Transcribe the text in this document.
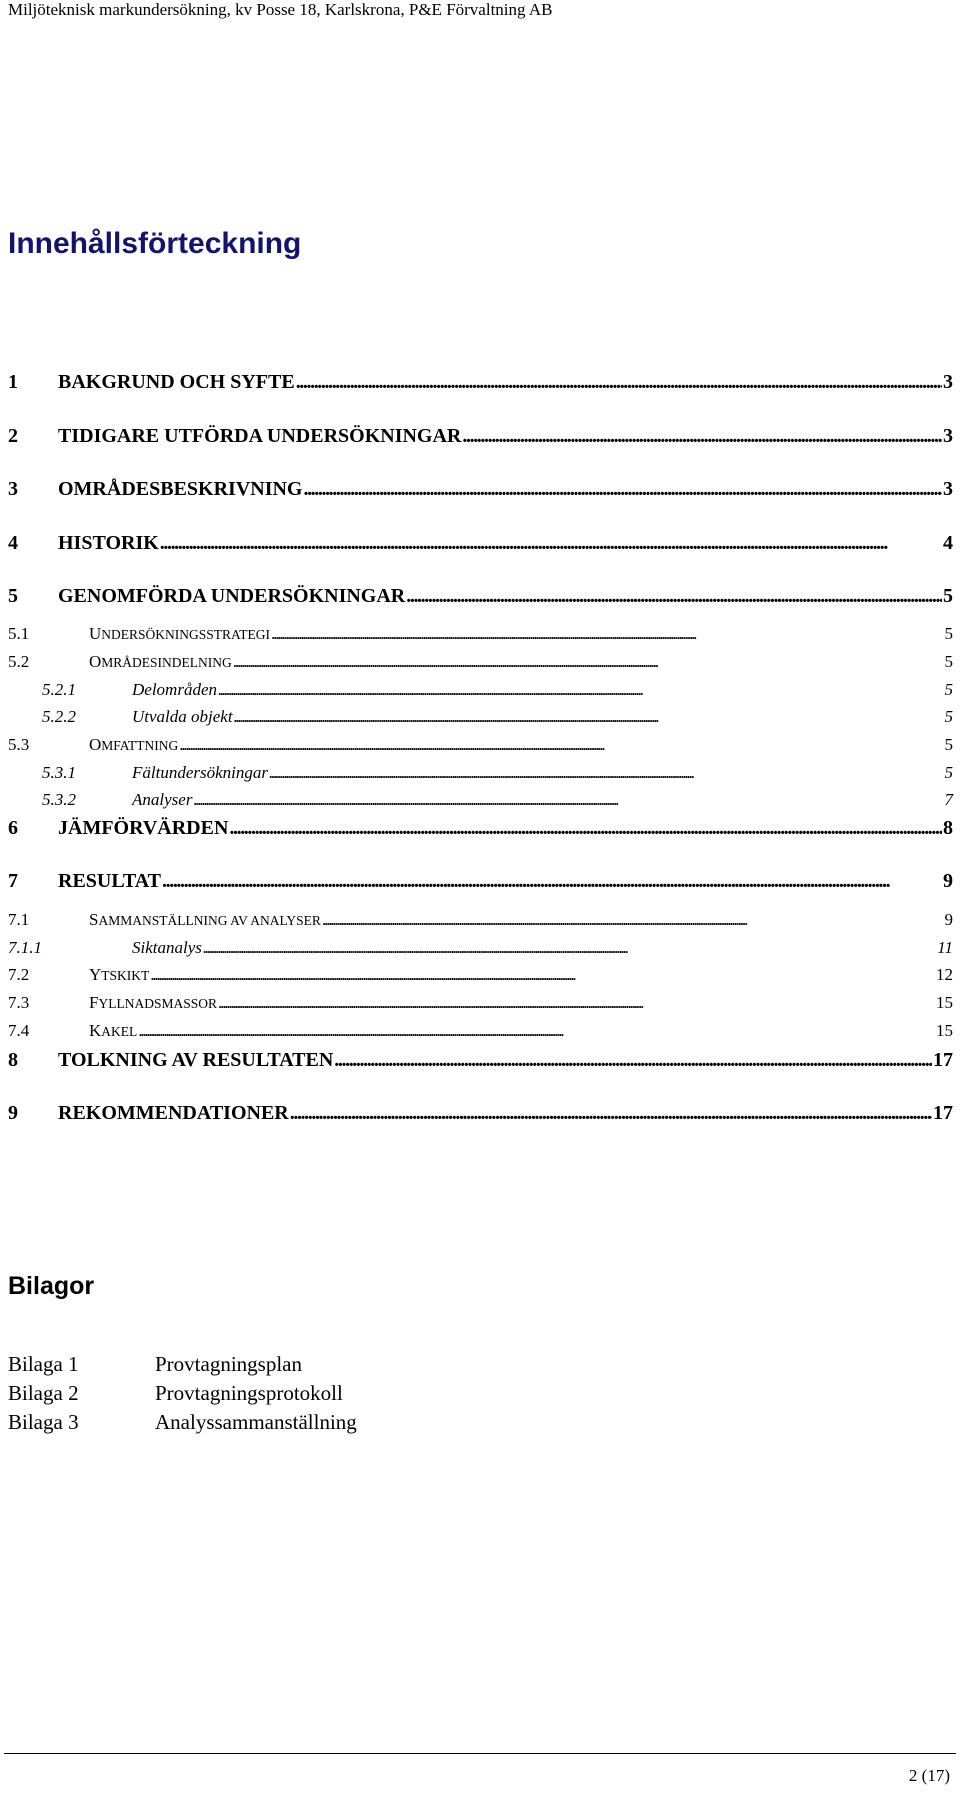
Miljöteknisk markundersökning, kv Posse 18, Karlskrona, P&E Förvaltning AB
Innehållsförteckning
1	BAKGRUND OCH SYFTE . . .	3
2	TIDIGARE UTFÖRDA UNDERSÖKNINGAR . . .	3
3	OMRÅDESBESKRIVNING . . .	3
4	HISTORIK . . .	4
5	GENOMFÖRDA UNDERSÖKNINGAR . . .	5
5.1	UNDERSÖKNINGSSTRATEGI . . .	5
5.2	OMRÅDESINDELNING . . .	5
5.2.1	Delområden . . .	5
5.2.2	Utvalda objekt . . .	5
5.3	OMFATTNING . . .	5
5.3.1	Fältundersökningar . . .	5
5.3.2	Analyser . . .	7
6	JÄMFÖRVÄRDEN . . .	8
7	RESULTAT . . .	9
7.1	SAMMANSTÄLLNING AV ANALYSER . . .	9
7.1.1	Siktanalys . . .	11
7.2	YTSKIKT . . .	12
7.3	FYLLNADSMASSOR . . .	15
7.4	KAKEL . . .	15
8	TOLKNING AV RESULTATEN . . .	17
9	REKOMMENDATIONER . . .	17
Bilagor
Bilaga 1	Provtagningsplan
Bilaga 2	Provtagningsprotokoll
Bilaga 3	Analyssammanställning
2 (17)
